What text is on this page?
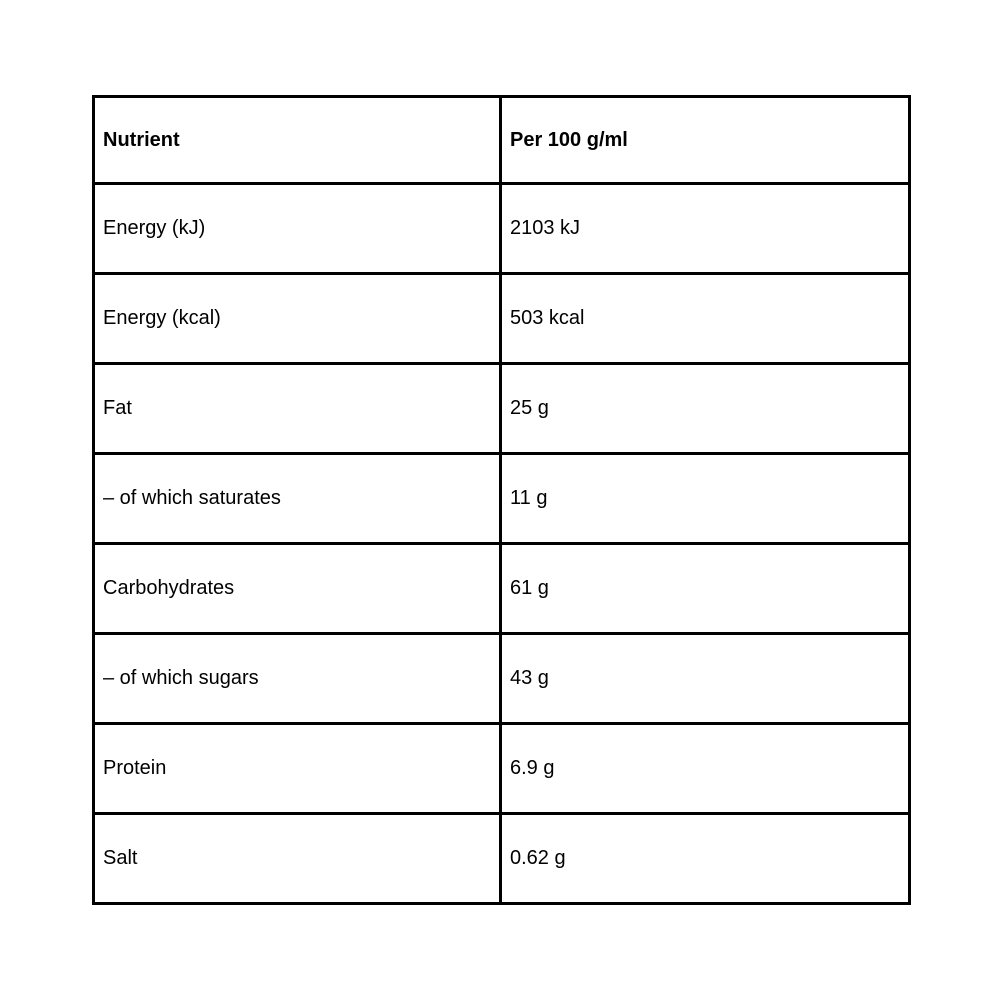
Nutrient	Per 100 g/ml
Energy (kJ)	2103 kJ
Energy (kcal)	503 kcal
Fat	25 g
– of which saturates	11 g
Carbohydrates	61 g
– of which sugars	43 g
Protein	6.9 g
Salt	0.62 g
